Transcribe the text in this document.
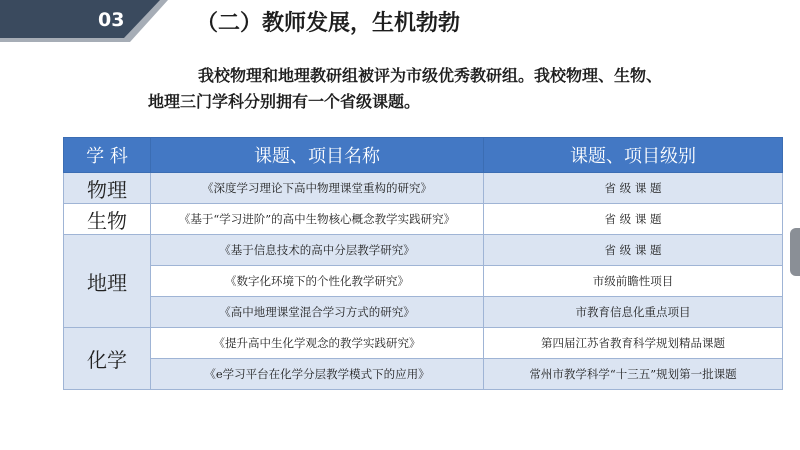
03	（二）教师发展，生机勃勃

我校物理和地理教研组被评为市级优秀教研组。我校物理、生物、

地理三门学科分别拥有一个省级课题。

学 科	课题、项目名称	课题、项目级别
物理	《深度学习理论下高中物理课堂重构的研究》	省 级 课 题
生物	《基于“学习进阶”的高中生物核心概念教学实践研究》	省 级 课 题
地理	《基于信息技术的高中分层教学研究》	省 级 课 题
	《数字化环境下的个性化教学研究》	市级前瞻性项目
	《高中地理课堂混合学习方式的研究》	市教育信息化重点项目
化学	《提升高中生化学观念的教学实践研究》	第四届江苏省教育科学规划精品课题
	《e学习平台在化学分层教学模式下的应用》	常州市教学科学“十三五”规划第一批课题
